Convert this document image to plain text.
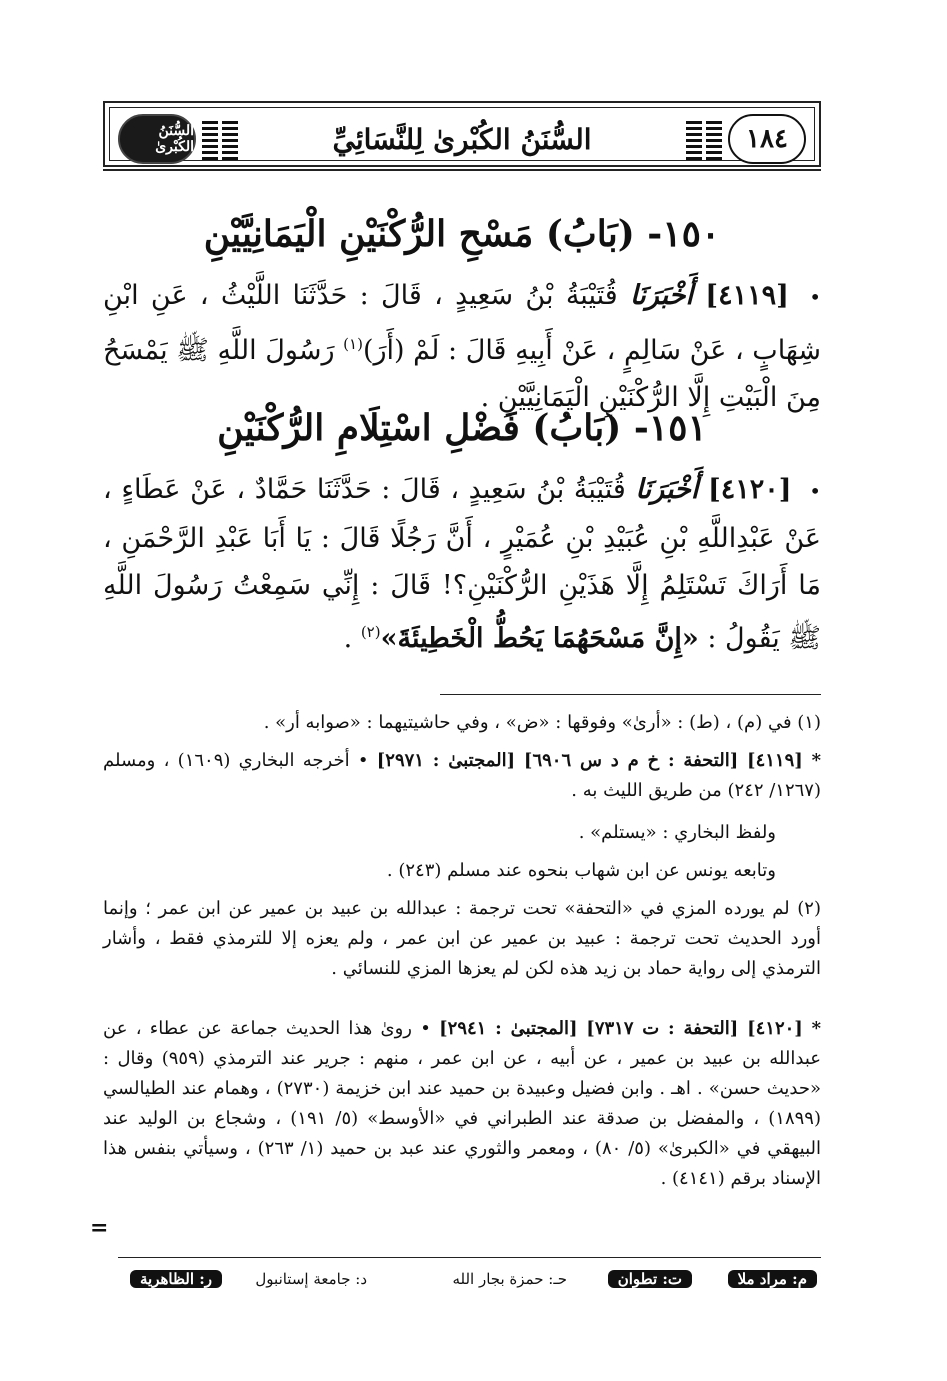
١٨٤
السُّنَنُ الكُبْرىٰ لِلنَّسَائِيِّ
السُّنَنُ الكُبْرىٰ
١٥٠- (بَابُ) مَسْحِ الرُّكْنَيْنِ الْيَمَانِيَّيْنِ
• [٤١١٩] أَخْبَرَنَا قُتَيْبَةُ بْنُ سَعِيدٍ ، قَالَ : حَدَّثَنَا اللَّيْثُ ، عَنِ ابْنِ شِهَابٍ ، عَنْ سَالِمٍ ، عَنْ أَبِيهِ قَالَ : لَمْ (أَرَ)$^{(١)}$ رَسُولَ اللَّهِ ﷺ يَمْسَحُ مِنَ الْبَيْتِ إِلَّا الرُّكْنَيْنِ الْيَمَانِيَّيْنِ .
١٥١- (بَابُ) فَضْلِ اسْتِلَامِ الرُّكْنَيْنِ
• [٤١٢٠] أَخْبَرَنَا قُتَيْبَةُ بْنُ سَعِيدٍ ، قَالَ : حَدَّثَنَا حَمَّادٌ ، عَنْ عَطَاءٍ ، عَنْ عَبْدِاللَّهِ بْنِ عُبَيْدِ بْنِ عُمَيْرٍ ، أَنَّ رَجُلًا قَالَ : يَا أَبَا عَبْدِ الرَّحْمَنِ ، مَا أَرَاكَ تَسْتَلِمُ إِلَّا هَذَيْنِ الرُّكْنَيْنِ؟! قَالَ : إِنِّي سَمِعْتُ رَسُولَ اللَّهِ ﷺ يَقُولُ : «إِنَّ مَسْحَهُمَا يَحُطُّ الْخَطِيئَةَ»$^{(٢)}$ .
(١) في (م) ، (ط) : «أرىٰ» وفوقها : «ض» ، وفي حاشيتيهما : «صوابه أر» .
* [٤١١٩] [التحفة : خ م د س ٦٩٠٦] [المجتبىٰ : ٢٩٧١] • أخرجه البخاري (١٦٠٩) ، ومسلم (١٢٦٧/ ٢٤٢) من طريق الليث به .
ولفظ البخاري : «يستلم» .
وتابعه يونس عن ابن شهاب بنحوه عند مسلم (٢٤٣) .
(٢) لم يورده المزي في «التحفة» تحت ترجمة : عبدالله بن عبيد بن عمير عن ابن عمر ؛ وإنما أورد الحديث تحت ترجمة : عبيد بن عمير عن ابن عمر ، ولم يعزه إلا للترمذي فقط ، وأشار الترمذي إلى رواية حماد بن زيد هذه لكن لم يعزها المزي للنسائي .
* [٤١٢٠] [التحفة : ت ٧٣١٧] [المجتبىٰ : ٢٩٤١] • رویٰ هذا الحديث جماعة عن عطاء ، عن عبدالله بن عبيد بن عمير ، عن أبيه ، عن ابن عمر ، منهم : جرير عند الترمذي (٩٥٩) وقال : «حديث حسن» . اهـ . وابن فضيل وعبيدة بن حميد عند ابن خزيمة (٢٧٣٠) ، وهمام عند الطيالسي (١٨٩٩) ، والمفضل بن صدقة عند الطبراني في «الأوسط» (٥/ ١٩١) ، وشجاع بن الوليد عند البيهقي في «الكبرىٰ» (٥/ ٨٠) ، ومعمر والثوري عند عبد بن حميد (١/ ٢٦٣) ، وسيأتي بنفس هذا الإسناد برقم (٤١٤١) .
=
م: مراد ملا
ت: تطوان
حـ: حمزة بجار الله
د: جامعة إستانبول
ر: الظاهرية
